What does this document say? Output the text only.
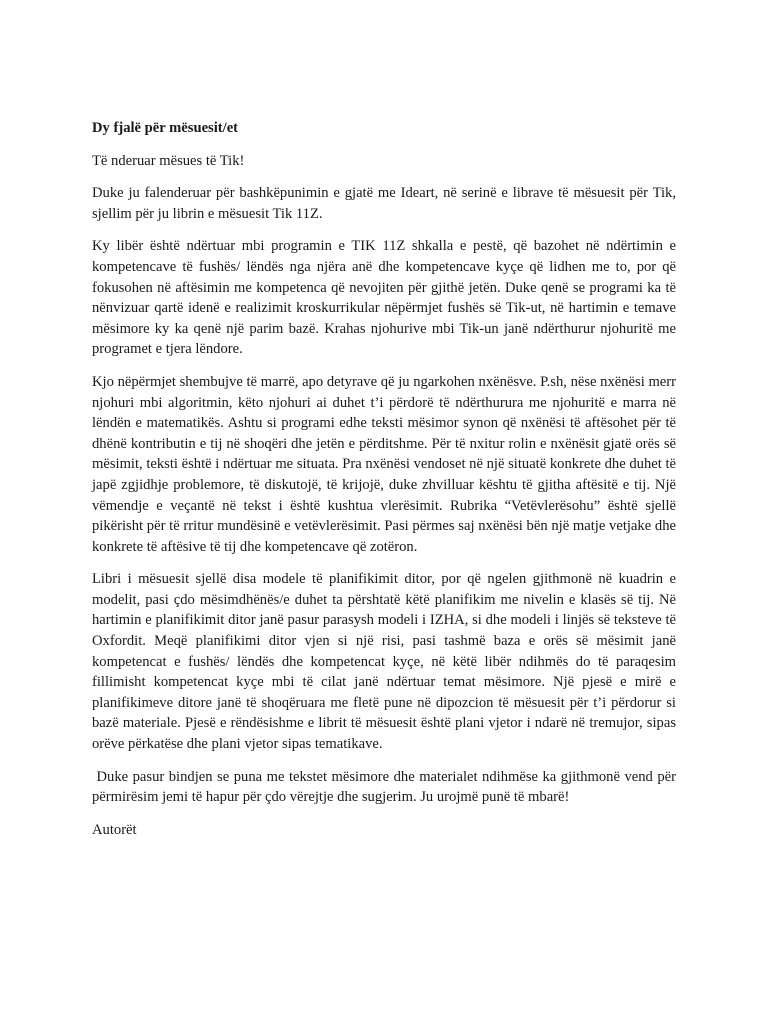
Dy fjalë për mësuesit/et

Të nderuar mësues të Tik!

Duke ju falenderuar për bashkëpunimin e gjatë me Ideart, në serinë e librave të mësuesit për Tik, sjellim për ju librin e mësuesit Tik 11Z.

Ky libër është ndërtuar mbi programin e TIK 11Z shkalla e pestë, që bazohet në ndërtimin e kompetencave të fushës/ lëndës nga njëra anë dhe kompetencave kyçe që lidhen me to, por që fokusohen në aftësimin me kompetenca që nevojiten për gjithë jetën. Duke qenë se programi ka të nënvizuar qartë idenë e realizimit kroskurrikular nëpërmjet fushës së Tik-ut, në hartimin e temave mësimore ky ka qenë një parim bazë. Krahas njohurive mbi Tik-un janë ndërthurur njohuritë me programet e tjera lëndore.

Kjo nëpërmjet shembujve të marrë, apo detyrave që ju ngarkohen nxënësve. P.sh, nëse nxënësi merr njohuri mbi algoritmin, këto njohuri ai duhet t’i përdorë të ndërthurura me njohuritë e marra në lëndën e matematikës. Ashtu si programi edhe teksti mësimor synon që nxënësi të aftësohet për të dhënë kontributin e tij në shoqëri dhe jetën e përditshme. Për të nxitur rolin e nxënësit gjatë orës së mësimit, teksti është i ndërtuar me situata. Pra nxënësi vendoset në një situatë konkrete dhe duhet të japë zgjidhje problemore, të diskutojë, të krijojë, duke zhvilluar kështu të gjitha aftësitë e tij. Një vëmendje e veçantë në tekst i është kushtua vlerësimit. Rubrika “Vetëvlerësohu” është sjellë pikërisht për të rritur mundësinë e vetëvlerësimit. Pasi përmes saj nxënësi bën një matje vetjake dhe konkrete të aftësive të tij dhe kompetencave që zotëron.

Libri i mësuesit sjellë disa modele të planifikimit ditor, por që ngelen gjithmonë në kuadrin e modelit, pasi çdo mësimdhënës/e duhet ta përshtatë këtë planifikim me nivelin e klasës së tij. Në hartimin e planifikimit ditor janë pasur parasysh modeli i IZHA, si dhe modeli i linjës së teksteve të Oxfordit. Meqë planifikimi ditor vjen si një risi, pasi tashmë baza e orës së mësimit janë kompetencat e fushës/ lëndës dhe kompetencat kyçe, në këtë libër ndihmës do të paraqesim fillimisht kompetencat kyçe mbi të cilat janë ndërtuar temat mësimore. Një pjesë e mirë e planifikimeve ditore janë të shoqëruara me fletë pune në dipozcion të mësuesit për t’i përdorur si bazë materiale. Pjesë e rëndësishme e librit të mësuesit është plani vjetor i ndarë në tremujor, sipas orëve përkatëse dhe plani vjetor sipas tematikave.

Duke pasur bindjen se puna me tekstet mësimore dhe materialet ndihmëse ka gjithmonë vend për përmirësim jemi të hapur për çdo vërejtje dhe sugjerim. Ju urojmë punë të mbarë!

Autorët
